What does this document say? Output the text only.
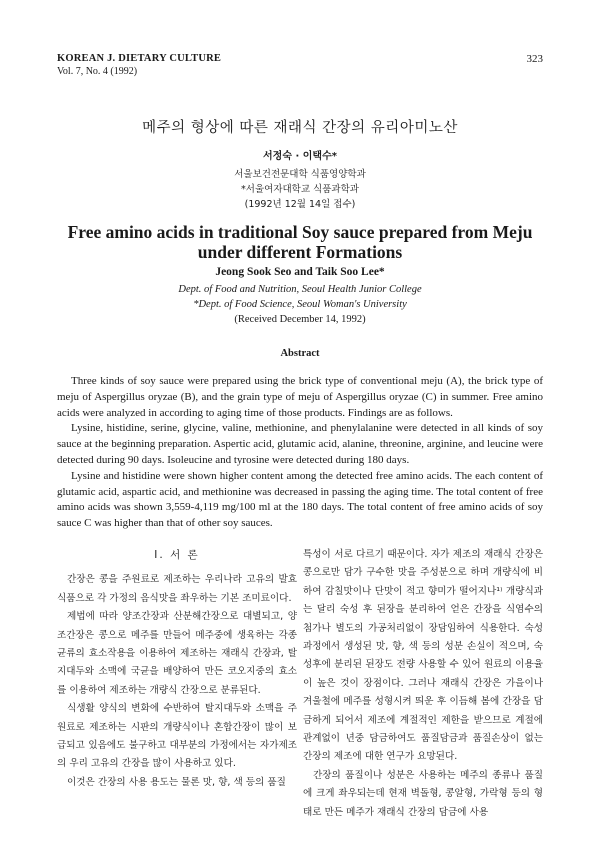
KOREAN J. DIETARY CULTURE
Vol. 7, No. 4 (1992)
323
메주의 형상에 따른 재래식 간장의 유리아미노산
서정숙 · 이택수*
서울보건전문대학 식품영양학과
*서울여자대학교 식품과학과
(1992년 12월 14일 접수)
Free amino acids in traditional Soy sauce prepared from Meju
under different Formations
Jeong Sook Seo and Taik Soo Lee*
Dept. of Food and Nutrition, Seoul Health Junior College
*Dept. of Food Science, Seoul Woman's University
(Received December 14, 1992)
Abstract

Three kinds of soy sauce were prepared using the brick type of conventional meju (A), the brick type of meju of Aspergillus oryzae (B), and the grain type of meju of Aspergillus oryzae (C) in summer. Free amino acids were analyzed in according to aging time of those products. Findings are as follows.

Lysine, histidine, serine, glycine, valine, methionine, and phenylalanine were detected in all kinds of soy sauce at the beginning preparation. Aspertic acid, glutamic acid, alanine, threonine, arginine, and leucine were detected during 90 days. Isoleucine and tyrosine were detected during 180 days.

Lysine and histidine were shown higher content among the detected free amino acids. The each content of glutamic acid, aspartic acid, and methionine was decreased in passing the aging time. The total content of free amino acids was shown 3,559-4,119 mg/100 ml at the 180 days. The total content of free amino acids of soy sauce C was higher than that of other soy sauces.

I. 서 론

간장은 콩을 주원료로 제조하는 우리나라 고유의 발효식품으로 각 가정의 음식맛을 좌우하는 기본 조미료이다.

제법에 따라 양조간장과 산분해간장으로 대별되고, 양조간장은 콩으로 메주를 만들어 메주중에 생육하는 각종 균류의 효소작용을 이용하여 제조하는 재래식 간장과, 탈지대두와 소맥에 국균을 배양하여 만든 코오지중의 효소를 이용하여 제조하는 개량식 간장으로 분류된다.

식생활 양식의 변화에 수반하여 탈지대두와 소맥을 주원료로 제조하는 시판의 개량식이나 혼합간장이 많이 보급되고 있음에도 불구하고 대부분의 가정에서는 자가제조의 우리 고유의 간장을 많이 사용하고 있다.

이것은 간장의 사용 용도는 물론 맛, 향, 색 등의 품질

특성이 서로 다르기 때문이다. 자가 제조의 재래식 간장은 콩으로만 담가 구수한 맛을 주성분으로 하며 개량식에 비하여 감칠맛이나 단맛이 적고 향미가 떨어지나¹⁾ 개량식과는 달리 숙성 후 된장을 분리하여 얻은 간장을 식염수의 첨가나 별도의 가공처리없이 장담임하여 식용한다. 숙성과정에서 생성된 맛, 향, 색 등의 성분 손실이 적으며, 숙성후에 분리된 된장도 전량 사용할 수 있어 원료의 이용율이 높은 것이 장점이다. 그러나 재래식 간장은 가을이나 겨울철에 메주를 성형시켜 띄운 후 이듬해 봄에 간장을 담금하게 되어서 제조에 계절적인 제한을 받으므로 계절에 관계없이 년중 담금하여도 품질담금과 품질손상이 없는 간장의 제조에 대한 연구가 요망된다.

간장의 품질이나 성분은 사용하는 메주의 종류나 품질에 크게 좌우되는데 현재 벽돌형, 콩알형, 가락형 등의 형태로 만든 메주가 재래식 간장의 담금에 사용
